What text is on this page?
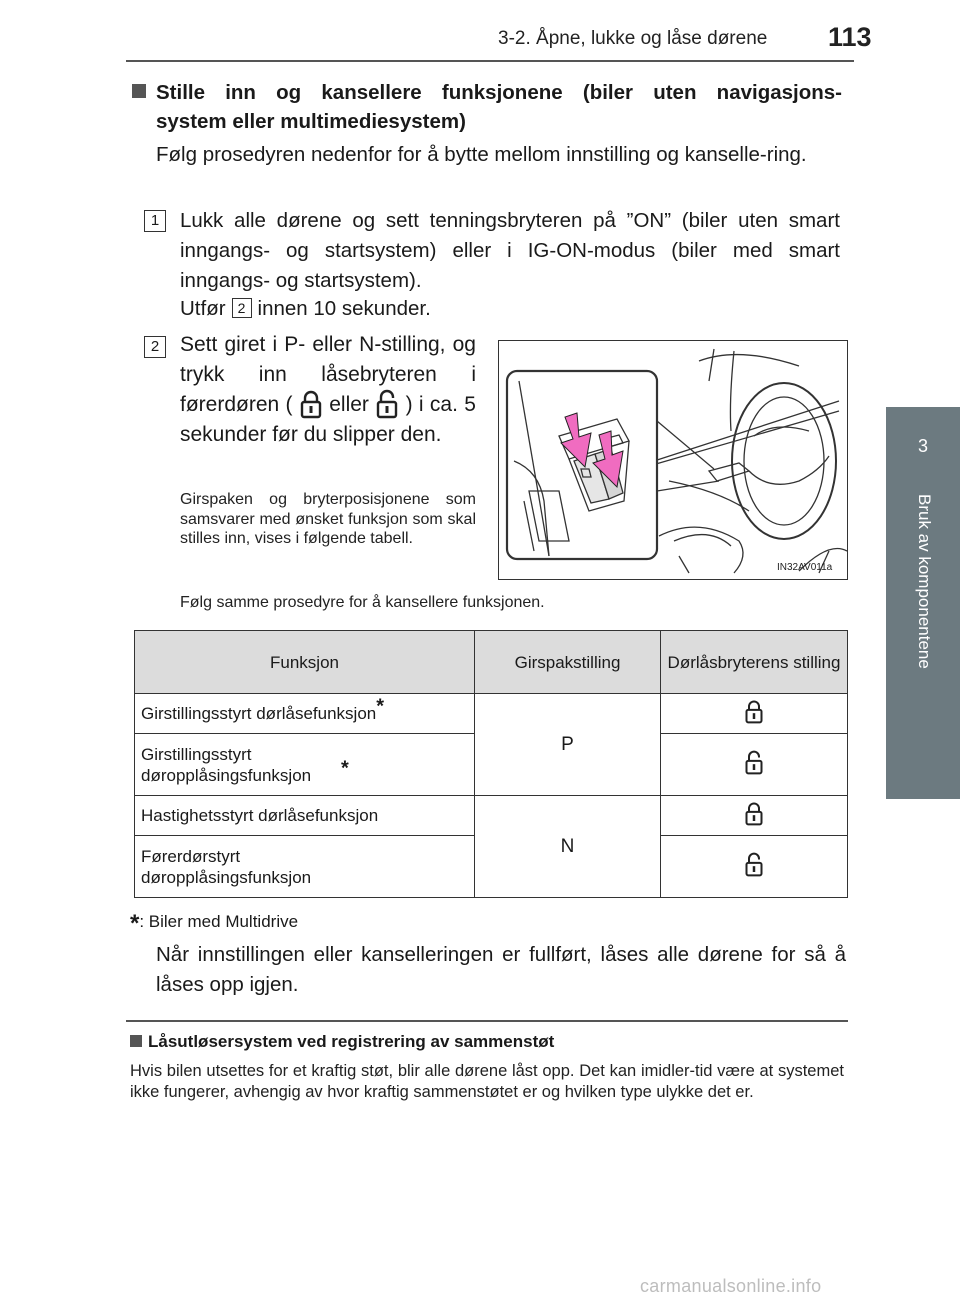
3-2. Åpne, lukke og låse dørene 113
3
Bruk av komponentene
Stille inn og kansellere funksjonene (biler uten navigasjons-
system eller multimediesystem)
Følg prosedyren nedenfor for å bytte mellom innstilling og kanselle-ring.
1	Lukk alle dørene og sett tenningsbryteren på ”ON” (biler uten smart inngangs- og startsystem) eller i IG-ON-modus (biler med smart inngangs- og startsystem).
Utfør 2 innen 10 sekunder.
2 Sett giret i P- eller N-stilling, og trykk inn låsebryteren i førerdøren ( eller ) i ca. 5 sekunder før du slipper den.
Girspaken og bryterposisjonene som samsvarer med ønsket funksjon som skal stilles inn, vises i følgende tabell.
Følg samme prosedyre for å kansellere funksjonen.
IN32AV011a
Funksjon	Girspakstilling	Dørlåsbryterens stilling
Girstillingsstyrt dørlåsefunksjon*	P	
Girstillingsstyrt døropplåsingsfunksjon *	
Hastighetsstyrt dørlåsefunksjon	N	
Førerdørstyrt døropplåsingsfunksjon	
*: Biler med Multidrive
Når innstillingen eller kanselleringen er fullført, låses alle dørene for så å låses opp igjen.
Låsutløsersystem ved registrering av sammenstøt
Hvis bilen utsettes for et kraftig støt, blir alle dørene låst opp. Det kan imidler-tid være at systemet ikke fungerer, avhengig av hvor kraftig sammenstøtet er og hvilken type ulykke det er.
carmanualsonline.info
